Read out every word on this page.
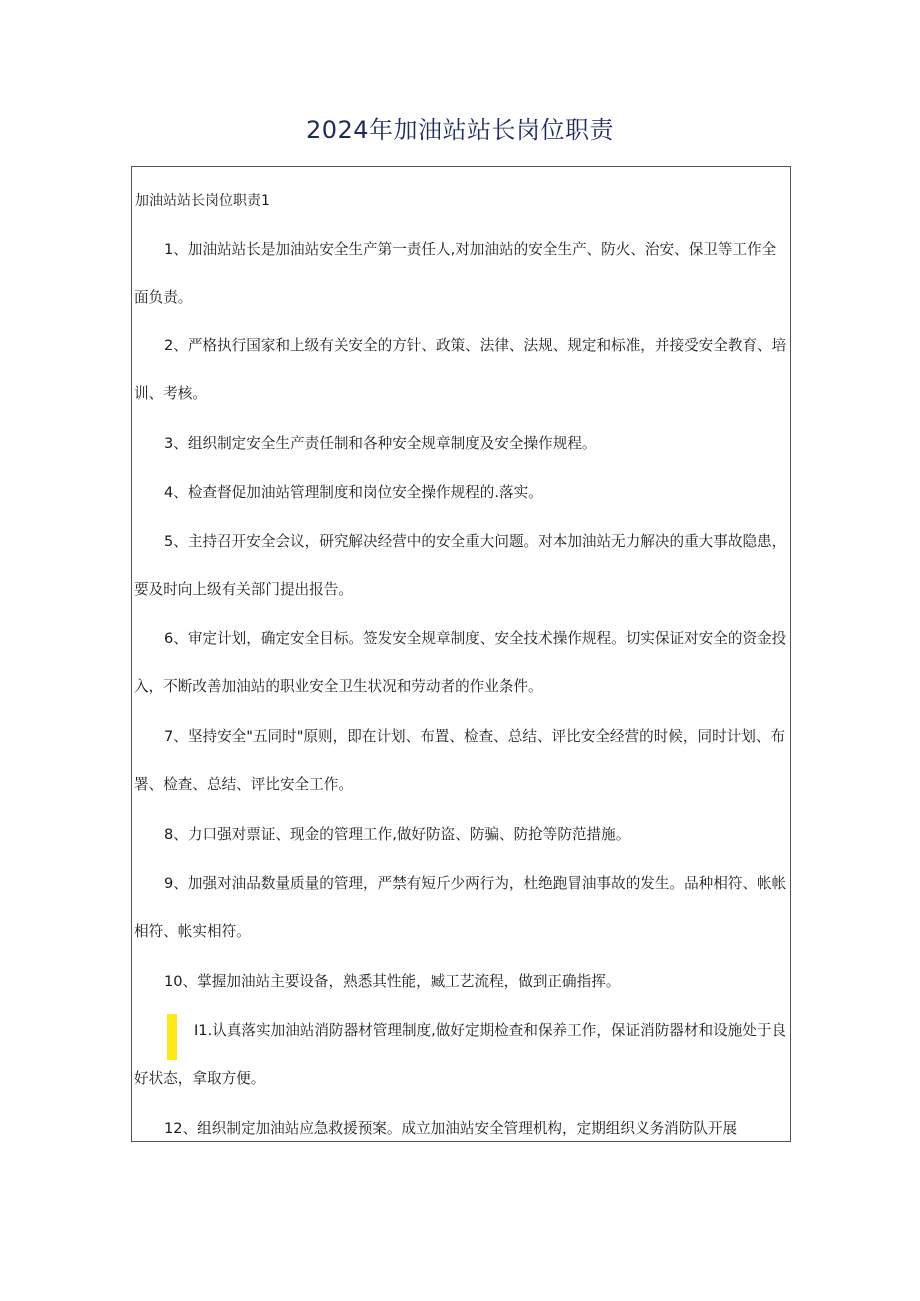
2024年加油站站长岗位职责
加油站站长岗位职责1

1、加油站站长是加油站安全生产第一责任人,对加油站的安全生产、防火、治安、保卫等工作全面负责。

2、严格执行国家和上级有关安全的方针、政策、法律、法规、规定和标准，并接受安全教育、培训、考核。

3、组织制定安全生产责任制和各种安全规章制度及安全操作规程。

4、检查督促加油站管理制度和岗位安全操作规程的.落实。

5、主持召开安全会议，研究解决经营中的安全重大问题。对本加油站无力解决的重大事故隐患，要及时向上级有关部门提出报告。

6、审定计划，确定安全目标。签发安全规章制度、安全技术操作规程。切实保证对安全的资金投入，不断改善加油站的职业安全卫生状况和劳动者的作业条件。

7、坚持安全"五同时"原则，即在计划、布置、检查、总结、评比安全经营的时候，同时计划、布署、检查、总结、评比安全工作。

8、力口强对票证、现金的管理工作,做好防盗、防骗、防抢等防范措施。

9、加强对油品数量质量的管理，严禁有短斤少两行为，杜绝跑冒油事故的发生。品种相符、帐帐相符、帐实相符。

10、掌握加油站主要设备，熟悉其性能，臧工艺流程，做到正确指挥。

I1.认真落实加油站消防器材管理制度,做好定期检查和保养工作，保证消防器材和设施处于良好状态，拿取方便。

12、组织制定加油站应急救援预案。成立加油站安全管理机构，定期组织义务消防队开展
